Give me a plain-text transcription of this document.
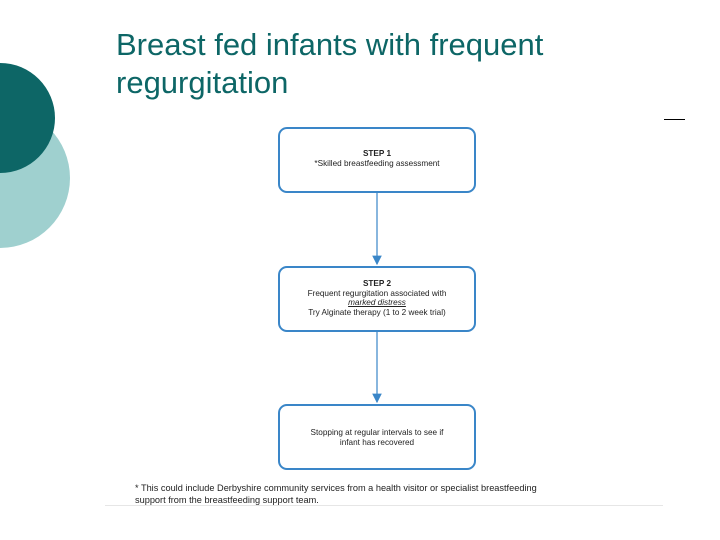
Breast fed infants with frequent
regurgitation
STEP 1
*Skilled breastfeeding assessment
STEP 2
Frequent regurgitation associated with
marked distress
Try Alginate therapy (1 to 2 week trial)
Stopping at regular intervals to see if
infant has recovered
* This could include Derbyshire community services from a health visitor or specialist breastfeeding
support from the breastfeeding support team.
